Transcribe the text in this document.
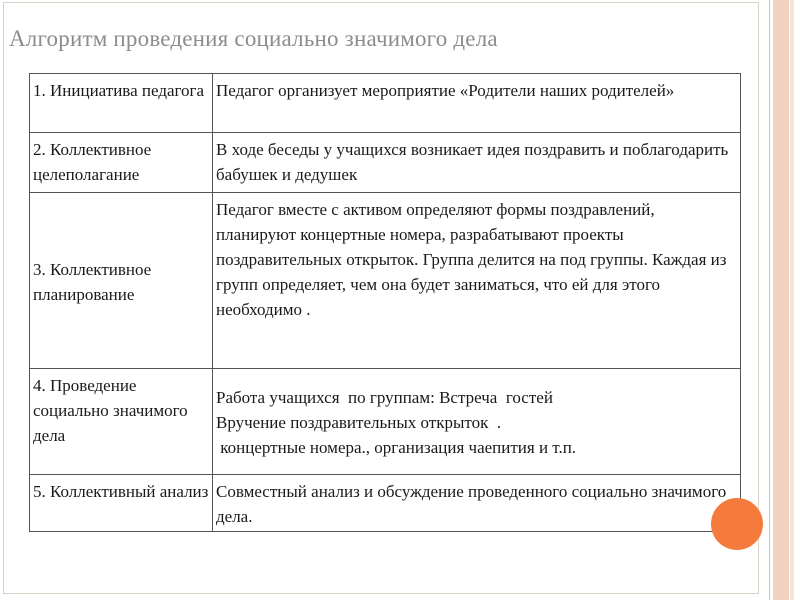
Алгоритм проведения социально значимого дела
1. Инициатива педагога	Педагог организует мероприятие «Родители наших родителей»
2. Коллективное целеполагание	В ходе беседы у учащихся возникает идея поздравить и поблагодарить бабушек и дедушек
3. Коллективное планирование	Педагог вместе с активом определяют формы поздравлений, планируют концертные номера, разрабатывают проекты поздравительных открыток. Группа делится на под группы. Каждая из групп определяет, чем она будет заниматься, что ей для этого необходимо .
4. Проведение социально значимого дела	Работа учащихся  по группам: Встреча  гостей
Вручение поздравительных открыток  .
концертные номера., организация чаепития и т.п.

5. Коллективный анализ	Совместный анализ и обсуждение проведенного социально значимого дела.
